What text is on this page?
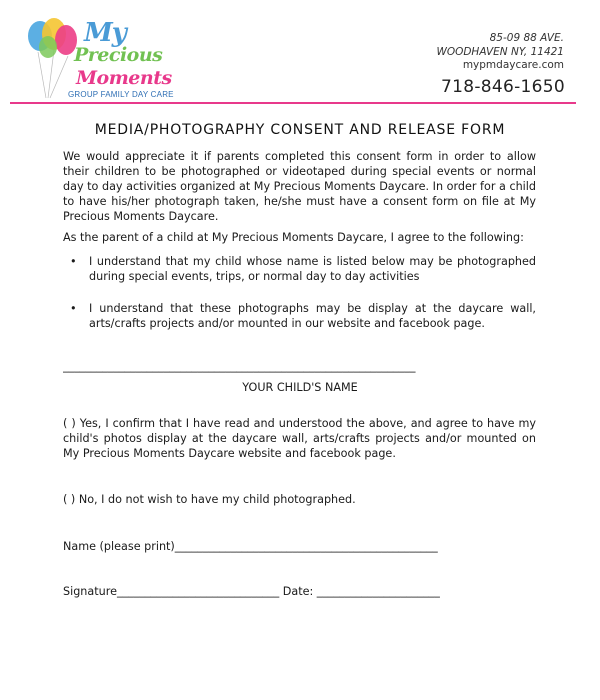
My
Precious
Moments
GROUP FAMILY DAY CARE
85-09 88 AVE.
WOODHAVEN NY, 11421
mypmdaycare.com
718-846-1650
MEDIA/PHOTOGRAPHY CONSENT AND RELEASE FORM
We would appreciate it if parents completed this consent form in order to allow their children to be photographed or videotaped during special events or normal day to day activities organized at My Precious Moments Daycare. In order for a child to have his/her photograph taken, he/she must have a consent form on file at My Precious Moments Daycare.
As the parent of a child at My Precious Moments Daycare, I agree to the following:
• I understand that my child whose name is listed below may be photographed during special events, trips, or normal day to day activities
• I understand that these photographs may be display at the daycare wall, arts/crafts projects and/or mounted in our website and facebook page.
_______________________________________________________________
YOUR CHILD'S NAME
( ) Yes, I confirm that I have read and understood the above, and agree to have my child's photos display at the daycare wall, arts/crafts projects and/or mounted on My Precious Moments Daycare website and facebook page.
( ) No, I do not wish to have my child photographed.
Name (please print)_______________________________________________
Signature_____________________________ Date: ______________________
